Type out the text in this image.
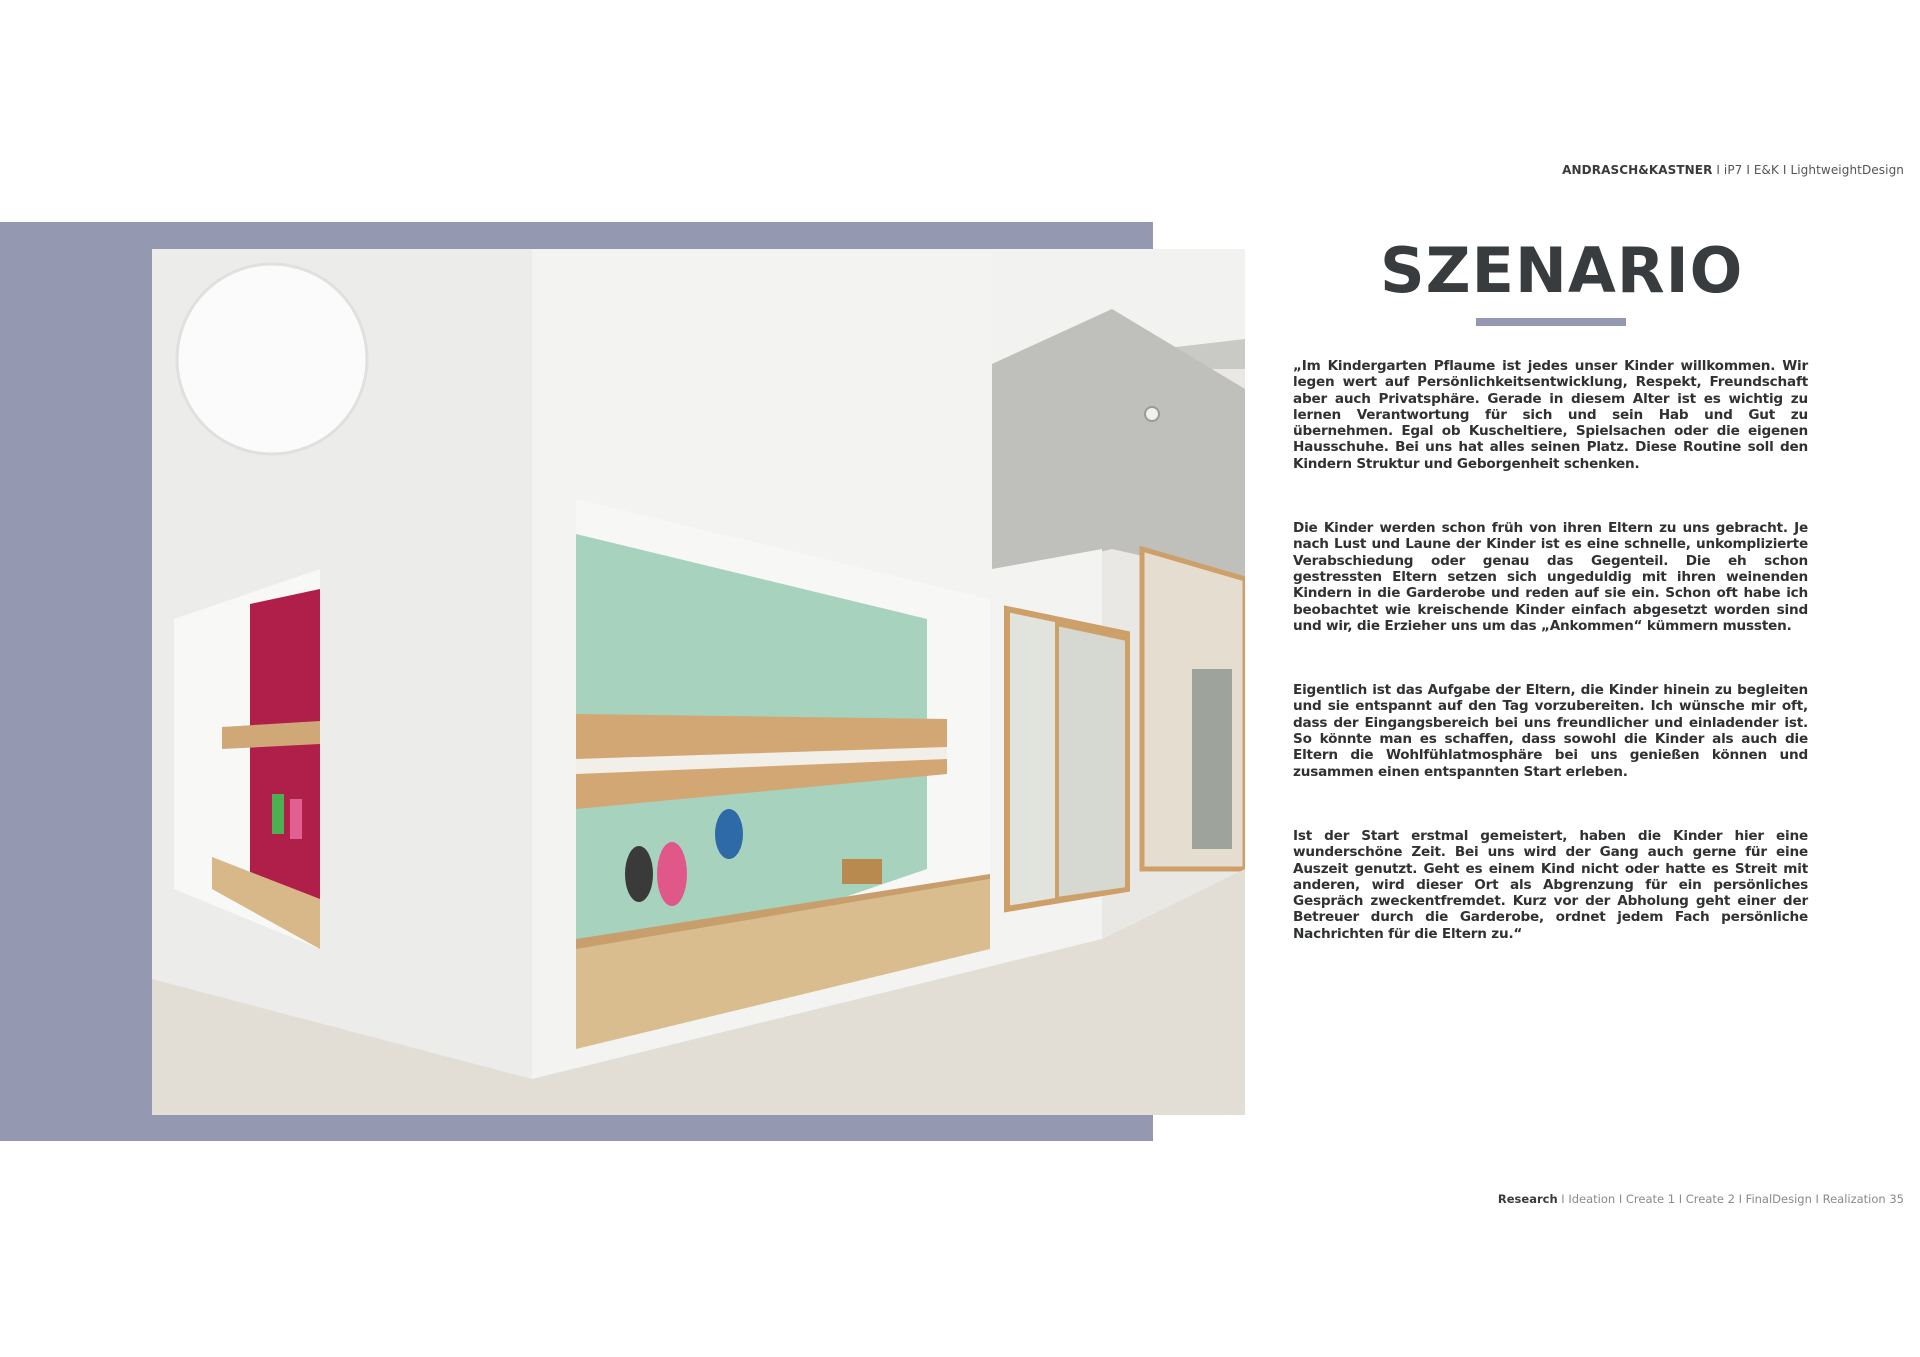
ANDRASCH&KASTNER I iP7 I E&K I LightweightDesign
SZENARIO

„Im Kindergarten Pflaume ist jedes unser Kinder willkommen. Wir legen wert auf Persönlichkeitsentwicklung, Respekt, Freundschaft aber auch Privatsphäre. Gerade in diesem Alter ist es wichtig zu lernen Verantwortung für sich und sein Hab und Gut zu übernehmen. Egal ob Kuscheltiere, Spielsachen oder die eigenen Hausschuhe. Bei uns hat alles seinen Platz. Diese Routine soll den Kindern Struktur und Geborgenheit schenken.

Die Kinder werden schon früh von ihren Eltern zu uns gebracht. Je nach Lust und Laune der Kinder ist es eine schnelle, unkomplizierte Verabschiedung oder genau das Gegenteil. Die eh schon gestressten Eltern setzen sich ungeduldig mit ihren weinenden Kindern in die Garderobe und reden auf sie ein. Schon oft habe ich beobachtet wie kreischende Kinder einfach abgesetzt worden sind und wir, die Erzieher uns um das „Ankommen“ kümmern mussten.

Eigentlich ist das Aufgabe der Eltern, die Kinder hinein zu begleiten und sie entspannt auf den Tag vorzubereiten. Ich wünsche mir oft, dass der Eingangsbereich bei uns freundlicher und einladender ist. So könnte man es schaffen, dass sowohl die Kinder als auch die Eltern die Wohlfühlatmosphäre bei uns genießen können und zusammen einen entspannten Start erleben.

Ist der Start erstmal gemeistert, haben die Kinder hier eine wunderschöne Zeit. Bei uns wird der Gang auch gerne für eine Auszeit genutzt. Geht es einem Kind nicht oder hatte es Streit mit anderen, wird dieser Ort als Abgrenzung für ein persönliches Gespräch zweckentfremdet. Kurz vor der Abholung geht einer der Betreuer durch die Garderobe, ordnet jedem Fach persönliche Nachrichten für die Eltern zu.“

Research I Ideation I Create 1 I Create 2 I FinalDesign I Realization 35
